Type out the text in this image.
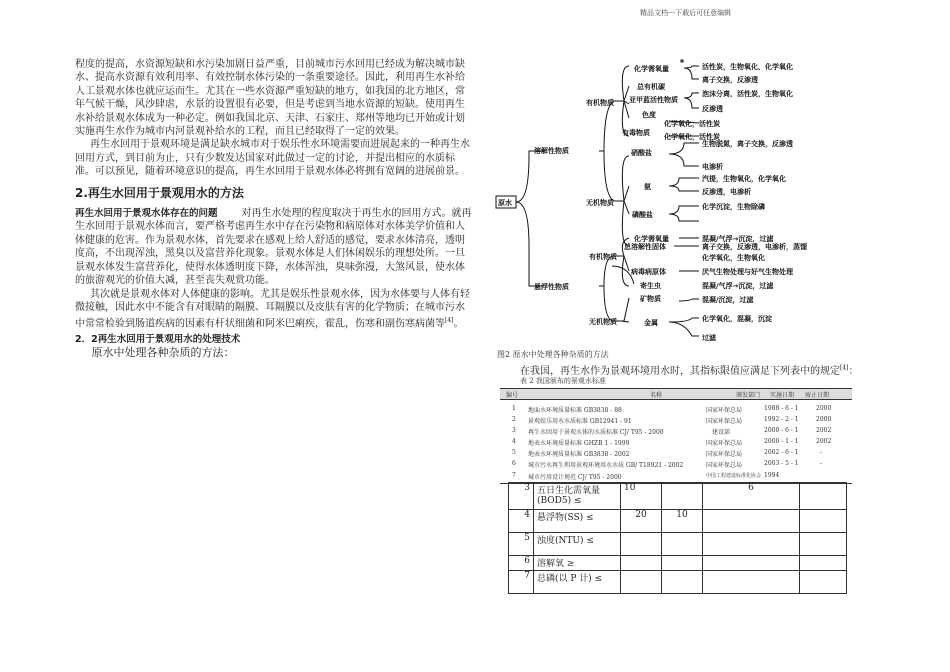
精品文档---下载后可任意编辑

程度的提高，水资源短缺和水污染加剧日益严重，目前城市污水回用已经成为解决城市缺水、提高水资源有效利用率、有效控制水体污染的一条重要途径。因此，利用再生水补给人工景观水体也就应运而生。尤其在一些水资源严重短缺的地方，如我国的北方地区，常年气候干燥，风沙肆虐，水景的设置很有必要，但是考虑到当地水资源的短缺。使用再生水补给景观水体成为一种必定。例如我国北京、天津、石家庄、郑州等地均已开始或计划实施再生水作为城市内河景观补给水的工程，而且已经取得了一定的效果。

再生水回用于景观环境是满足缺水城市对于娱乐性水环境需要而进展起来的一种再生水回用方式，到目前为止，只有少数发达国家对此做过一定的讨论，并提出相应的水质标准。可以预见，随着环境意识的提高，再生水回用于景观水体必将拥有宽阔的进展前景。

2.再生水回用于景观用水的方法

再生水回用于景观水体存在的问题 对再生水处理的程度取决于再生水的回用方式。就再生水回用于景观水体而言，要严格考虑再生水中存在污染物和病原体对水体美学价值和人体健康的危害。作为景观水体，首先要求在感观上给人舒适的感觉，要求水体清亮，透明度高，不出现浑浊，黑臭以及富营养化现象。景观水体是人们休闲娱乐的理想处所。一旦景观水体发生富营养化，使得水体透明度下降，水体浑浊，臭味弥漫，大煞风景，使水体的旅游观光的价值大减，甚至丧失观赏功能。

其次就是景观水体对人体健康的影响。尤其是娱乐性景观水体，因为水体要与人体有轻微接触，因此水中不能含有对眼睛的隔膜、耳隔膜以及皮肤有害的化学物质；在城市污水中常常检验到肠道疾病的因素有杆状细菌和阿米巴痢疾，霍乱，伤寒和副伤寒病菌等[4]。

2．2再生水回用于景观用水的处理技术

原水中处理各种杂质的方法：

原水
溶解性物质
有机物质
化学需氧量
总有机碳
亚甲蓝活性物质
色度
有毒物质
硝酸盐
无机物质
氨
磷酸盐
总溶解性固体
活性炭，生物氧化，化学氧化
离子交换，反渗透
泡沫分离，活性炭，生物氧化
反渗透
化学氧化，活性炭
化学氧化，活性炭
生物脱氮，离子交换，反渗透
电渗析
汽提，生物氧化，化学氧化
反渗透，电渗析
化学沉淀，生物除磷
离子交换，反渗透，电渗析，蒸馏
悬浮性物质
有机物质
化学需氧量
病毒病原体
寄生虫
矿物质
无机物质	金属
混凝/气浮→沉淀，过滤
厌气生物处理与好气生物处理
混凝/气浮→沉淀，过滤
化学氧化，生物氧化
混凝/沉淀，过滤
化学氧化，混凝，沉淀
过滤
图2 原水中处理各种杂质的方法
在我国，再生水作为景观环境用水时，其指标限值应满足下列表中的规定[4]：
表 2 我国颁布的景观水标准
编号	名称	颁发部门 实施日期 废止日期
1 地面水环境质量标准 GB3838 - 88	国家环保总局	1988 - 6 - 1	2000
2 景观娱乐用水水质标准 GB12941 - 91	国家环保总局	1992 - 2 - 1	2000
3 再生水回用于景观水体的水质标准 CJ/ T95 - 2000	建设部	2000 - 6 - 1	2002
4 地表水环境质量标准 GHZB 1 - 1999	国家环保总局	2000 - 1 - 1	2002
5 地表水环境质量标准 GB3838 - 2002	国家环保总局	2002 - 6 - 1	-
6 城市污水再生利用景观环境用水水质 GB/ T18921 - 2002	国家环保总局	2003 - 5 - 1	-
7 城市污用设计规范 CJ/ T95 - 2000	中国工程建设标准化协会 1994
3	五日生化需氧量(BOD5) ≤	10		6	
4	悬浮物(SS) ≤	20	10		
5	浊度(NTU) ≤				
6	溶解氧 ≥				
7	总磷(以 P 计) ≤				
